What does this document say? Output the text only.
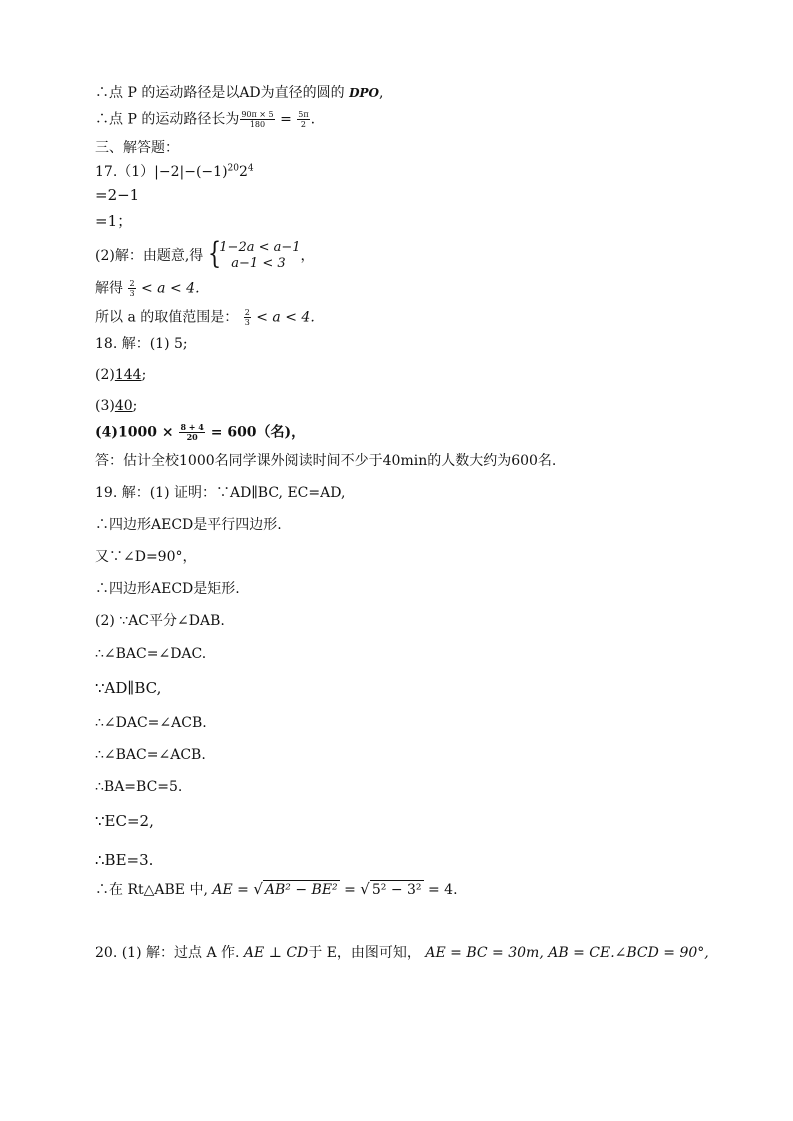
∴点 P 的运动路径是以AD为直径的圆的 DPO,
∴点 P 的运动路径长为 $\frac{90\pi \times 5}{180} = \frac{5\pi}{2}$ .
三、解答题：
$17.(1)|-2|-(-1)^{20}2^4$
=2−1
=1；
(2)解：由题意,得 {
1−2a < a−1
a−1 < 3	，
解得 $\frac{2}{3} < a < 4$.
所以 a 的取值范围是： $\frac{2}{3} < a < 4$.
18. 解：(1) 5;
(2)144;
(3)40;
$(4)1000 \times \frac{8 + 4}{20} = 600$（名)，
答：估计全校1000名同学课外阅读时间不少于40min的人数大约为600名.
19. 解：(1) 证明：∵AD∥BC, EC=AD,
∴四边形AECD是平行四边形.
又∵∠D=90°，
∴四边形AECD是矩形.
(2) ∵AC平分∠DAB.
∴∠BAC=∠DAC.
∵AD∥BC,
∴∠DAC=∠ACB.
∴∠BAC=∠ACB.
∴BA=BC=5.
∵EC=2,
∴BE=3.
∴在 Rt△ABE 中, AE = √ AB² − BE² = √ 5² − 3² = 4.
20. (1) 解：过点 A 作. AE ⊥ CD于 E，由图可知， AE = BC = 30m, AB = CE.∠BCD = 90°,
